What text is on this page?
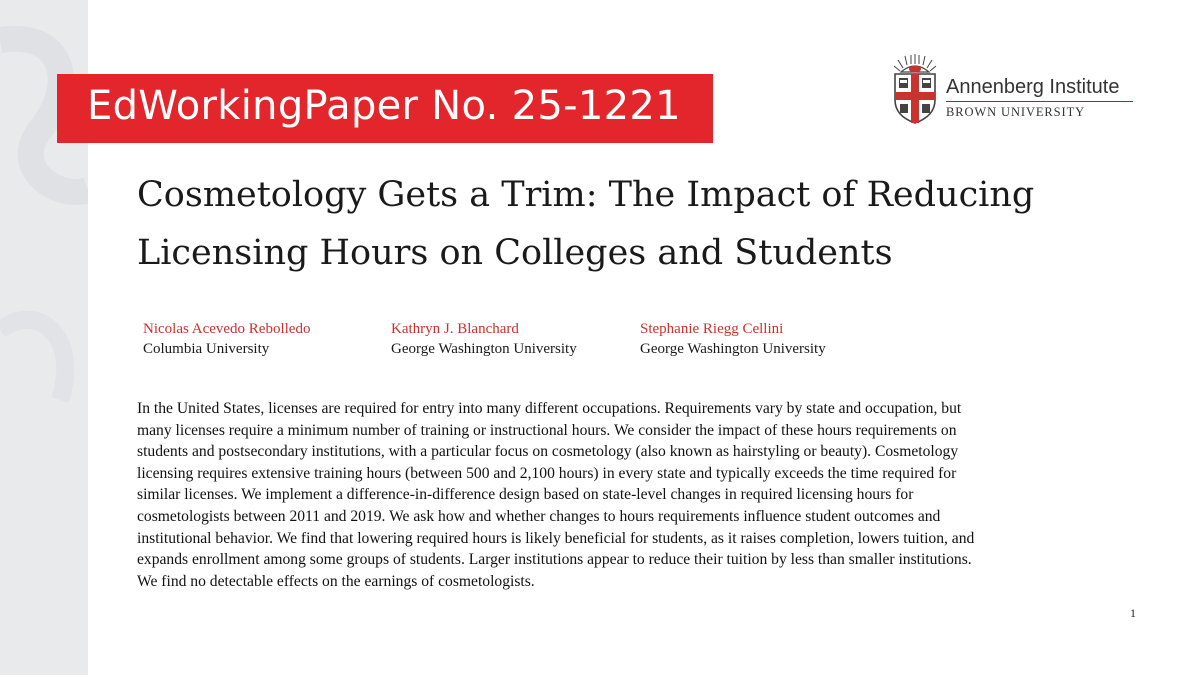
EdWorkingPaper No. 25-1221	Annenberg Institute
BROWN UNIVERSITY
Cosmetology Gets a Trim: The Impact of Reducing
Licensing Hours on Colleges and Students
Nicolas Acevedo Rebolledo
Columbia University
Kathryn J. Blanchard
George Washington University
Stephanie Riegg Cellini
George Washington University
In the United States, licenses are required for entry into many different occupations. Requirements vary by state and occupation, but
many licenses require a minimum number of training or instructional hours. We consider the impact of these hours requirements on
students and postsecondary institutions, with a particular focus on cosmetology (also known as hairstyling or beauty). Cosmetology
licensing requires extensive training hours (between 500 and 2,100 hours) in every state and typically exceeds the time required for
similar licenses. We implement a difference-in-difference design based on state-level changes in required licensing hours for
cosmetologists between 2011 and 2019. We ask how and whether changes to hours requirements influence student outcomes and
institutional behavior. We find that lowering required hours is likely beneficial for students, as it raises completion, lowers tuition, and
expands enrollment among some groups of students. Larger institutions appear to reduce their tuition by less than smaller institutions.
We find no detectable effects on the earnings of cosmetologists.
1
